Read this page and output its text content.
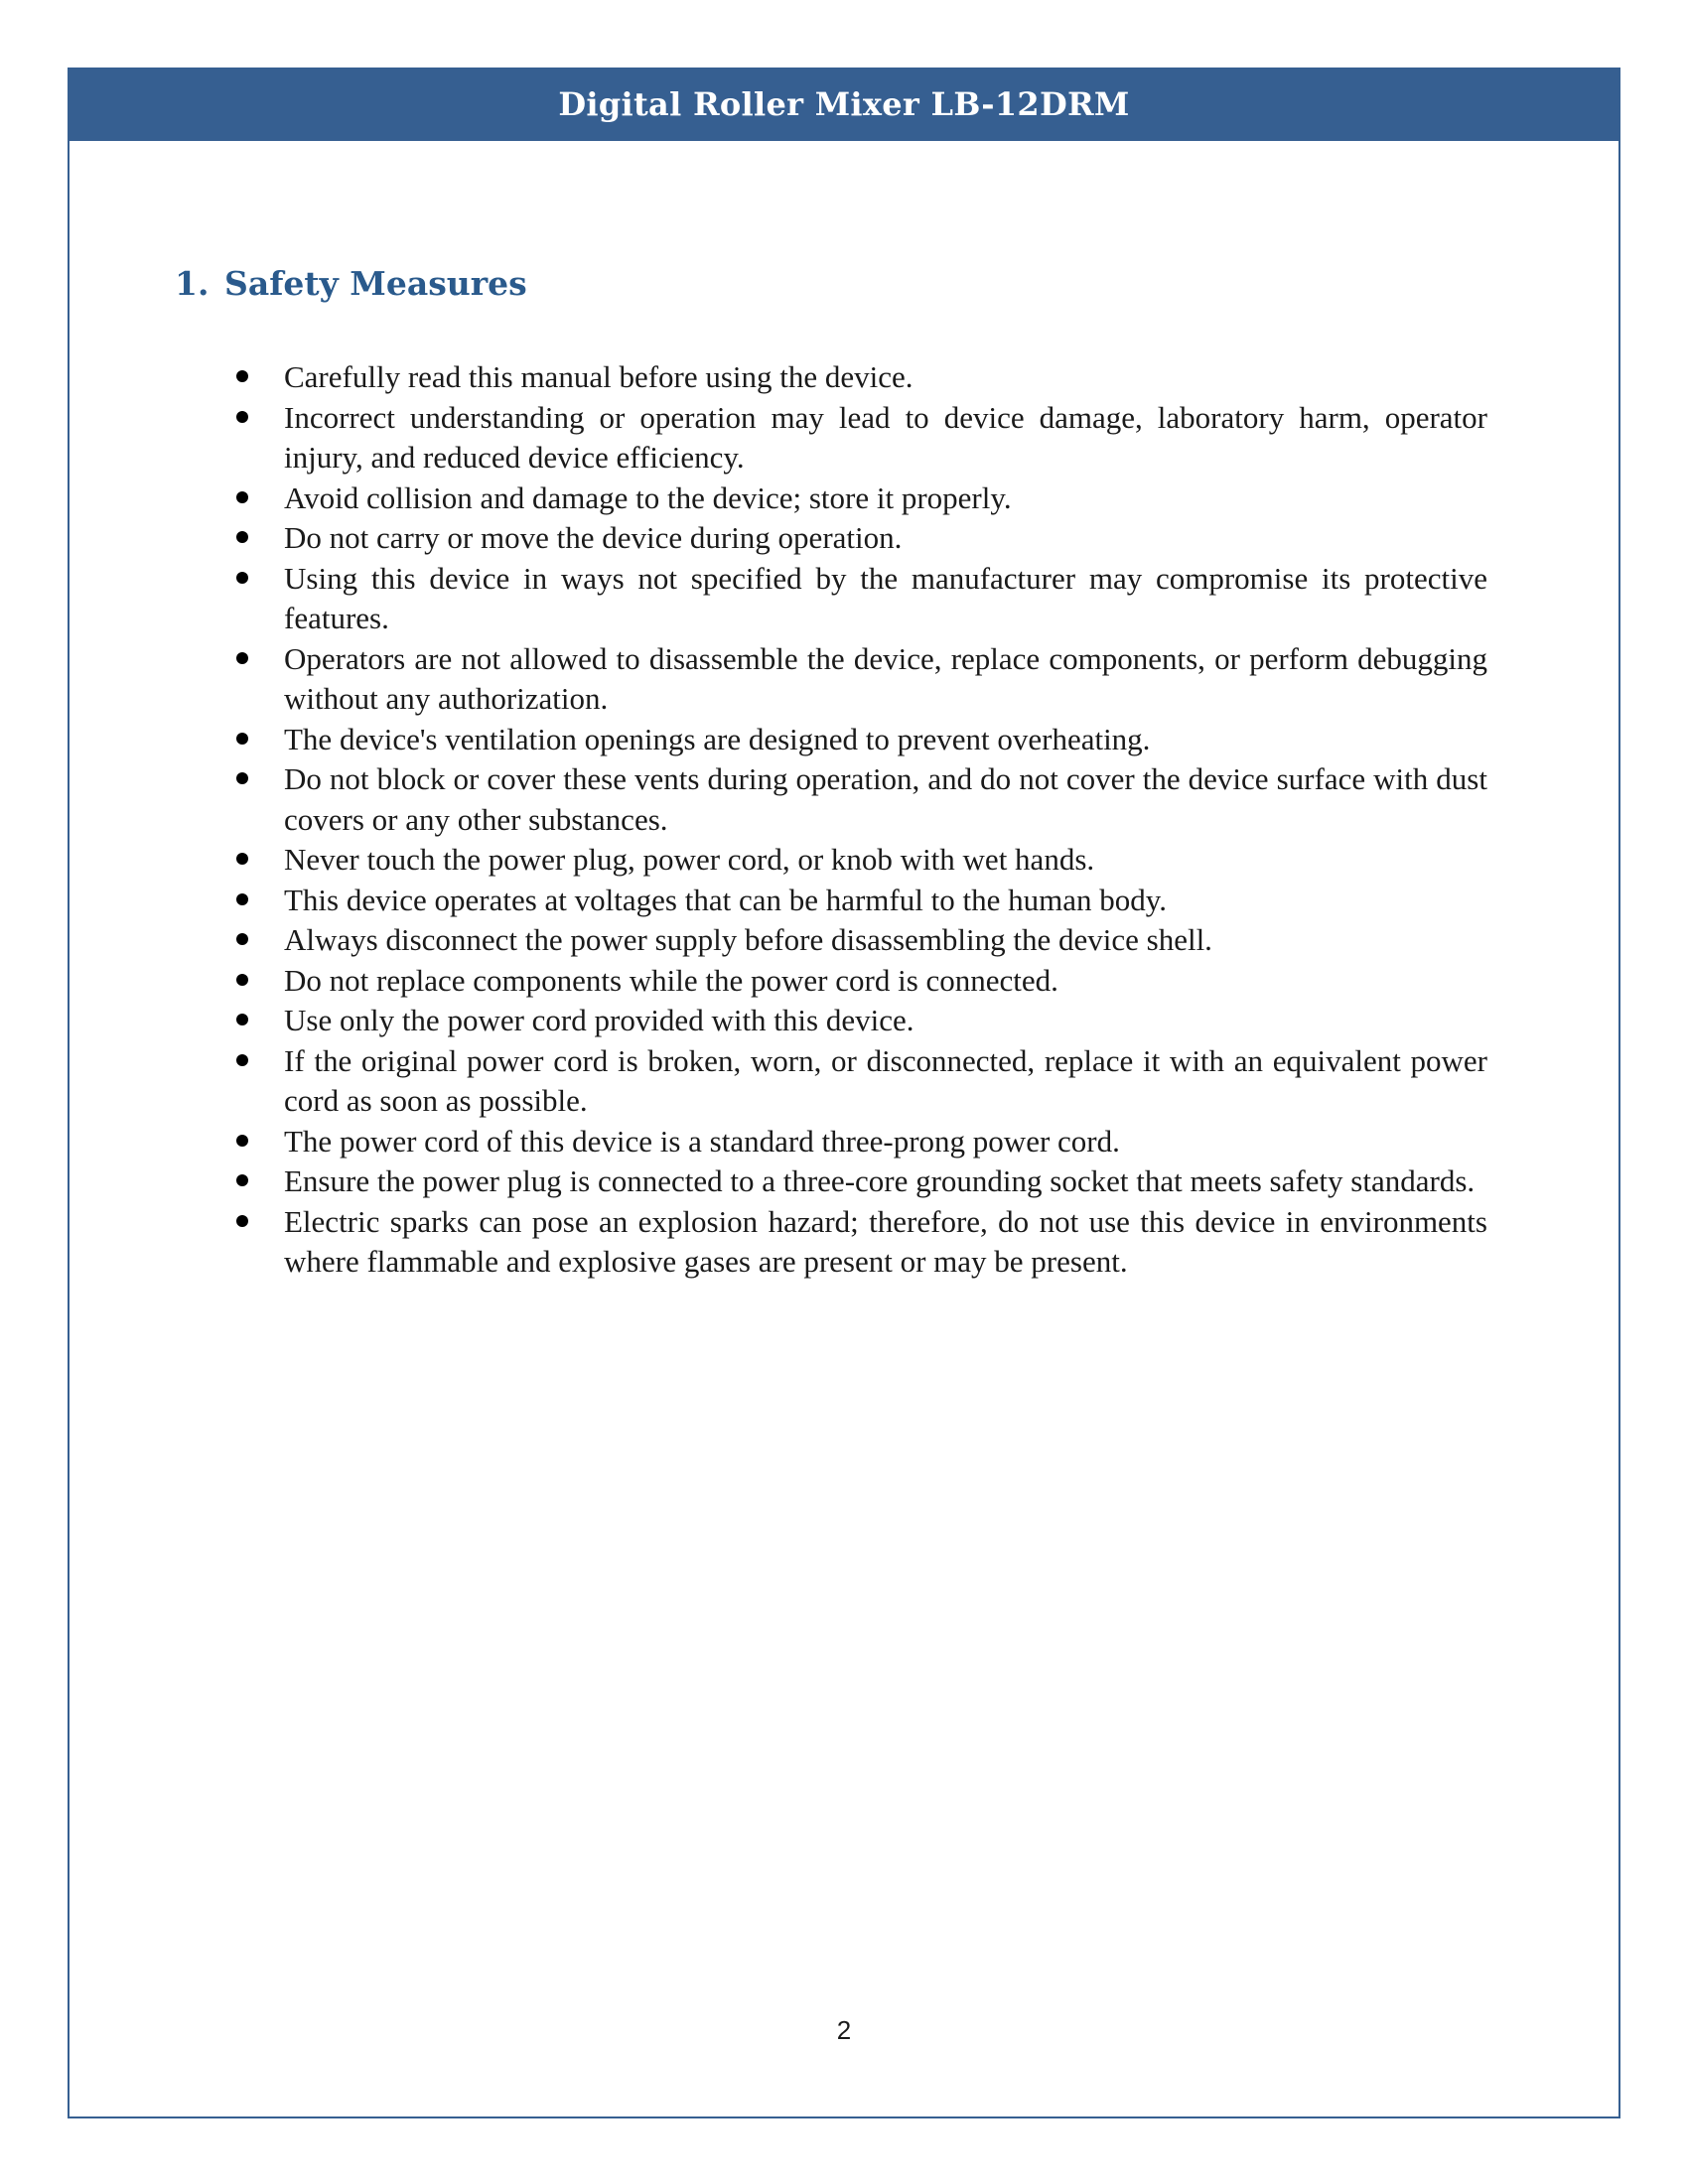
Digital Roller Mixer LB-12DRM
1. Safety Measures
Carefully read this manual before using the device.
Incorrect understanding or operation may lead to device damage, laboratory harm, operator injury, and reduced device efficiency.
Avoid collision and damage to the device; store it properly.
Do not carry or move the device during operation.
Using this device in ways not specified by the manufacturer may compromise its protective features.
Operators are not allowed to disassemble the device, replace components, or perform debugging without any authorization.
The device's ventilation openings are designed to prevent overheating.
Do not block or cover these vents during operation, and do not cover the device surface with dust covers or any other substances.
Never touch the power plug, power cord, or knob with wet hands.
This device operates at voltages that can be harmful to the human body.
Always disconnect the power supply before disassembling the device shell.
Do not replace components while the power cord is connected.
Use only the power cord provided with this device.
If the original power cord is broken, worn, or disconnected, replace it with an equivalent power cord as soon as possible.
The power cord of this device is a standard three-prong power cord.
Ensure the power plug is connected to a three-core grounding socket that meets safety standards.
Electric sparks can pose an explosion hazard; therefore, do not use this device in environments where flammable and explosive gases are present or may be present.
2
